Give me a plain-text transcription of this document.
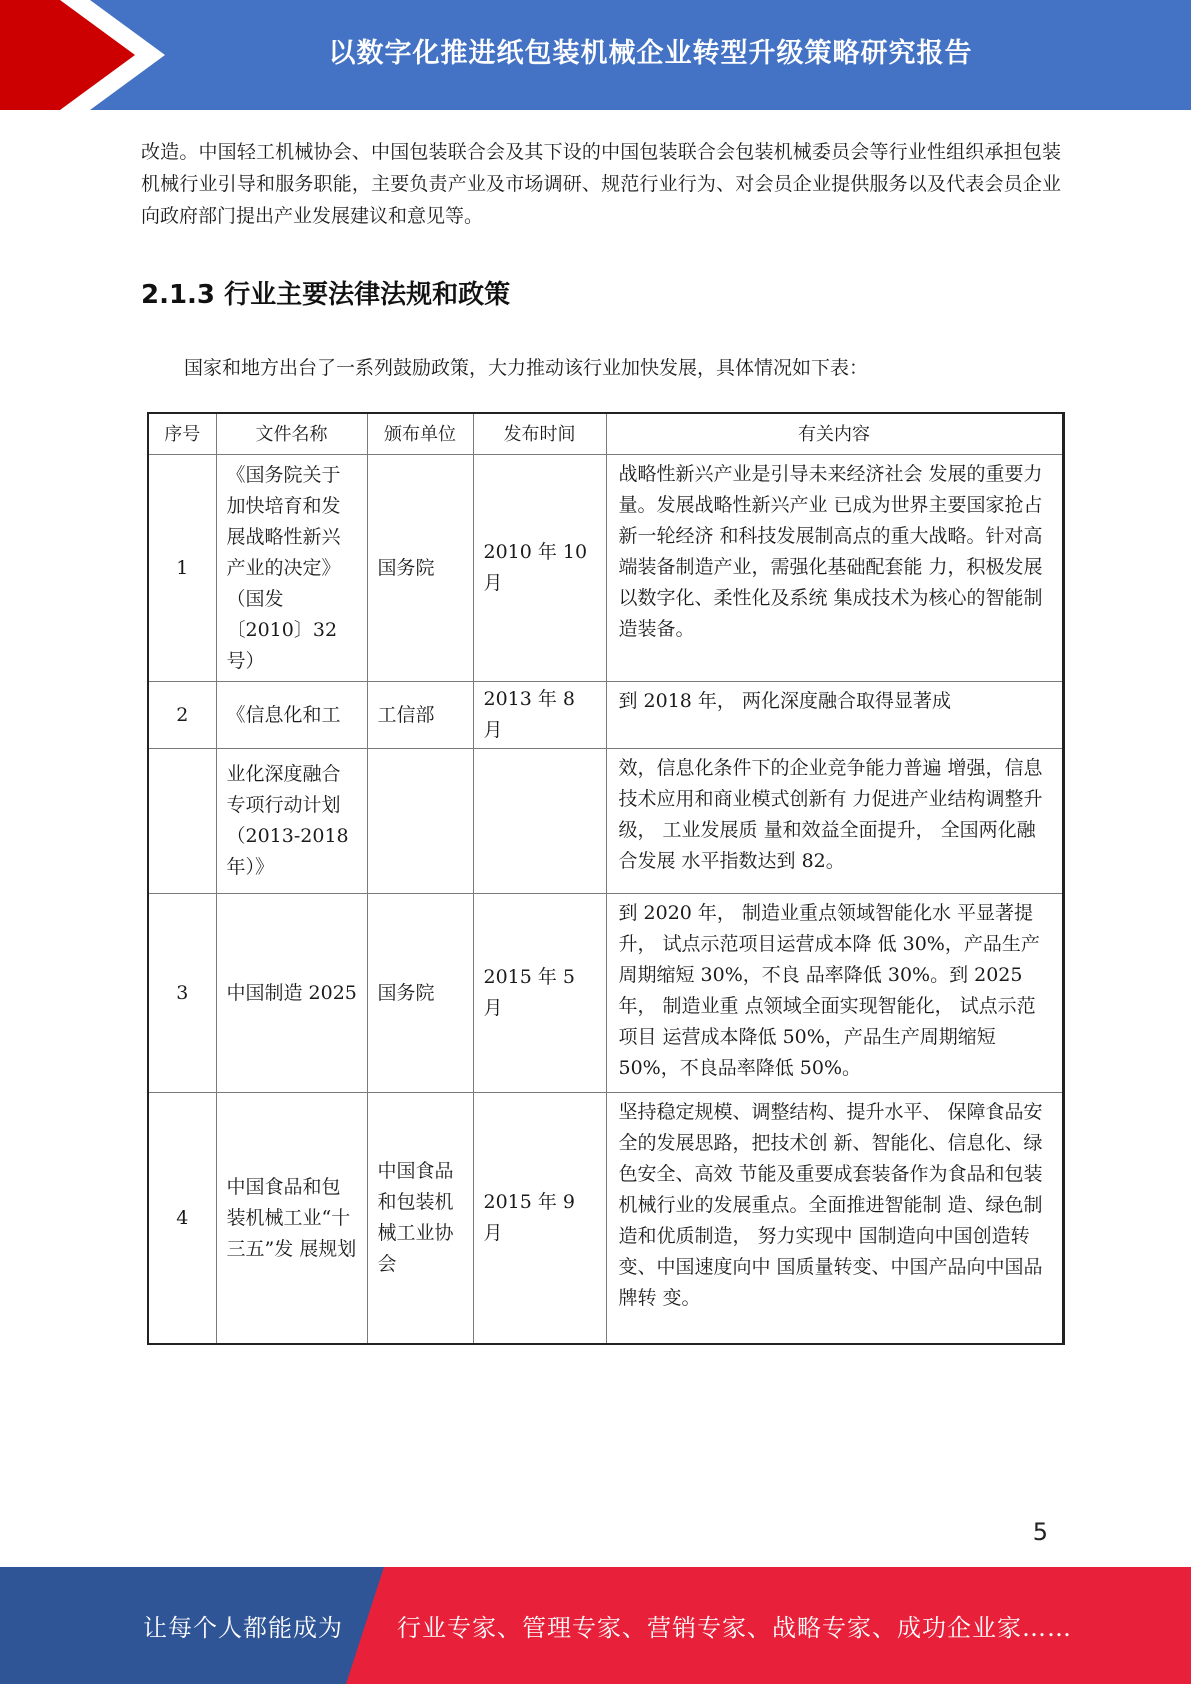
以数字化推进纸包装机械企业转型升级策略研究报告

改造。中国轻工机械协会、中国包装联合会及其下设的中国包装联合会包装机械委员会等行业性组织承担包装机械行业引导和服务职能，主要负责产业及市场调研、规范行业行为、对会员企业提供服务以及代表会员企业向政府部门提出产业发展建议和意见等。

2.1.3 行业主要法律法规和政策

国家和地方出台了一系列鼓励政策，大力推动该行业加快发展，具体情况如下表：

序号	文件名称	颁布单位	发布时间	有关内容
1	《国务院关于加快培育和发展战略性新兴产业的决定》（国发〔2010〕32号）	国务院	2010 年 10 月	战略性新兴产业是引导未来经济社会 发展的重要力量。发展战略性新兴产业 已成为世界主要国家抢占新一轮经济 和科技发展制高点的重大战略。针对高 端装备制造产业，需强化基础配套能 力，积极发展以数字化、柔性化及系统 集成技术为核心的智能制造装备。
2	《信息化和工	工信部	2013 年 8 月	到 2018 年， 两化深度融合取得显著成
	业化深度融合专项行动计划（2013-2018年）》			效，信息化条件下的企业竞争能力普遍 增强，信息技术应用和商业模式创新有 力促进产业结构调整升级， 工业发展质 量和效益全面提升， 全国两化融合发展 水平指数达到 82。
3	中国制造 2025	国务院	2015 年 5 月	到 2020 年， 制造业重点领域智能化水 平显著提升， 试点示范项目运营成本降 低 30%，产品生产周期缩短 30%，不良 品率降低 30%。到 2025 年， 制造业重 点领域全面实现智能化， 试点示范项目 运营成本降低 50%，产品生产周期缩短 50%，不良品率降低 50%。
4	中国食品和包装机械工业“十三五”发 展规划	中国食品和包装机械工业协会	2015 年 9 月	坚持稳定规模、调整结构、提升水平、 保障食品安全的发展思路，把技术创 新、智能化、信息化、绿色安全、高效 节能及重要成套装备作为食品和包装 机械行业的发展重点。全面推进智能制 造、绿色制造和优质制造， 努力实现中 国制造向中国创造转变、中国速度向中 国质量转变、中国产品向中国品牌转 变。
5
让每个人都能成为 行业专家、管理专家、营销专家、战略专家、成功企业家……
